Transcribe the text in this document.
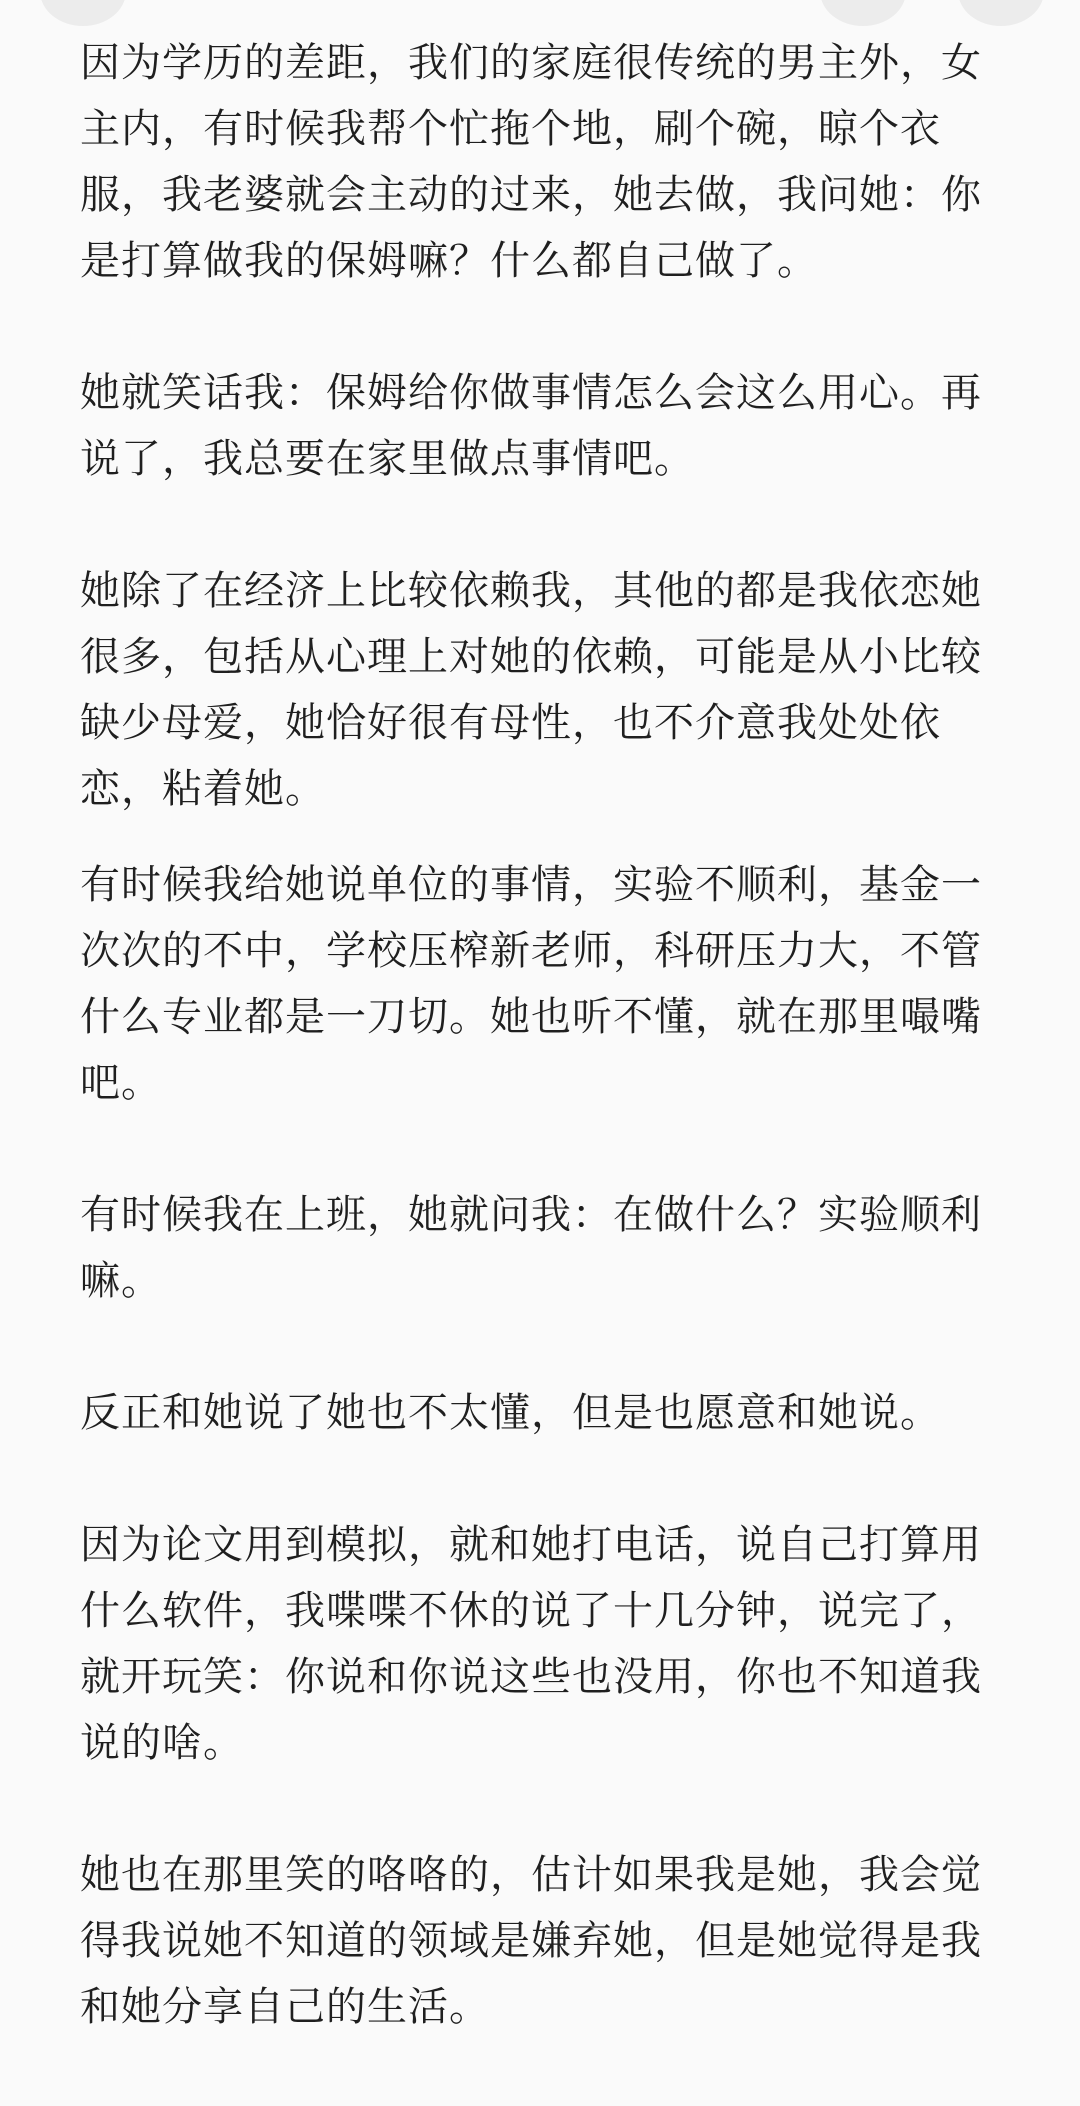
因为学历的差距，我们的家庭很传统的男主外，女
主内，有时候我帮个忙拖个地，刷个碗，晾个衣
服，我老婆就会主动的过来，她去做，我问她：你
是打算做我的保姆嘛？什么都自己做了。

她就笑话我：保姆给你做事情怎么会这么用心。再
说了，我总要在家里做点事情吧。

她除了在经济上比较依赖我，其他的都是我依恋她
很多，包括从心理上对她的依赖，可能是从小比较
缺少母爱，她恰好很有母性，也不介意我处处依
恋，粘着她。

有时候我给她说单位的事情，实验不顺利，基金一
次次的不中，学校压榨新老师，科研压力大，不管
什么专业都是一刀切。她也听不懂，就在那里嘬嘴
吧。

有时候我在上班，她就问我：在做什么？实验顺利
嘛。

反正和她说了她也不太懂，但是也愿意和她说。

因为论文用到模拟，就和她打电话，说自己打算用
什么软件，我喋喋不休的说了十几分钟，说完了，
就开玩笑：你说和你说这些也没用，你也不知道我
说的啥。

她也在那里笑的咯咯的，估计如果我是她，我会觉
得我说她不知道的领域是嫌弃她，但是她觉得是我
和她分享自己的生活。
